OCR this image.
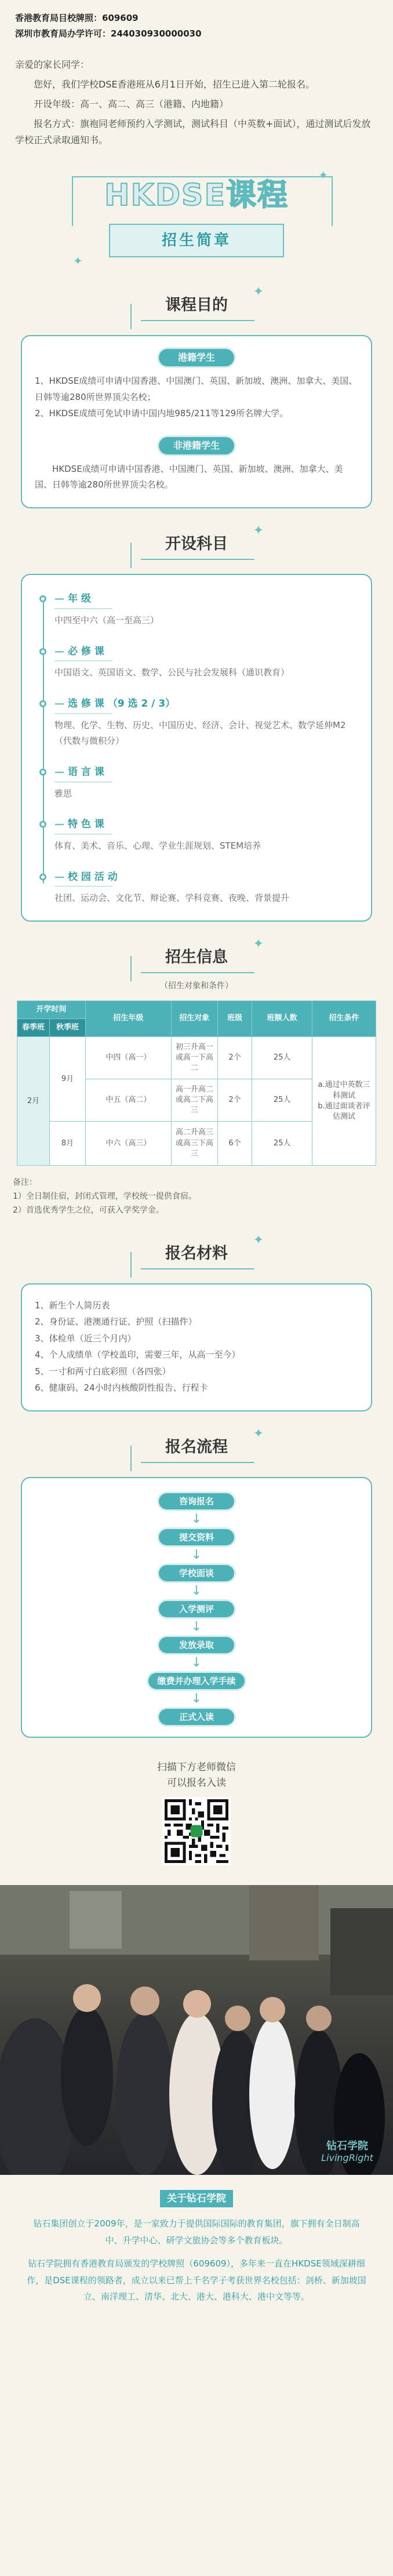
香港教育局目校牌照：609609

深圳市教育局办学许可：244030930000030

亲爱的家长同学：

您好，我们学校DSE香港班从6月1日开始，招生已进入第二轮报名。

开设年级：高一、高二、高三（港籍、内地籍）

报名方式：旗袍同老师预约入学测试，测试科目（中英数+面试），通过测试后发放学校正式录取通知书。

HKDSE课程
招生简章
✦
✦
课程目的
✦
港籍学生

1、HKDSE成绩可申请中国香港、中国澳门、英国、新加坡、澳洲、加拿大、美国、日韩等逾280所世界顶尖名校；
2、HKDSE成绩可免试申请中国内地985/211等129所名牌大学。

非港籍学生

HKDSE成绩可申请中国香港、中国澳门、英国、新加坡、澳洲、加拿大、美国、日韩等逾280所世界顶尖名校。

开设科目
✦
— 年 级
中四至中六（高一至高三）
— 必 修 课
中国语文、英国语文、数学、公民与社会发展科（通识教育）
— 选 修 课 （9 选 2 / 3）
物理、化学、生物、历史、中国历史、经济、会计、视觉艺术、数学延伸M2（代数与微积分）
— 语 言 课
雅思
— 特 色 课
体育、美术、音乐、心理、学业生涯规划、STEM培养
— 校 园 活 动
社团、运动会、文化节、辩论赛、学科竞赛、夜晚、背景提升
招生信息
✦
（招生对象和条件）
开学时间		招生年级	招生对象	班级	班额人数	招生条件
春季班	秋季班					
2月	9月	中四（高一）	初三升高一或高一下高二	2个	25人	a.通过中英数三科测试
b.通过面谈者评估测试
		中五（高二）	高一升高二或高二下高三	2个	25人	
	8月	中六（高三）	高二升高三或高三下高三	6个	25人	
备注：
1）全日制住宿，封闭式管理，学校统一提供食宿。
2）首选优秀学生之位，可获入学奖学金。
报名材料
✦

1、新生个人简历表

2、身份证、港澳通行证、护照（扫描件）

3、体检单（近三个月内）

4、个人成绩单（学校盖印，需要三年，从高一至今）

5、一寸和两寸白底彩照（各四张）

6、健康码、24小时内核酸阴性报告、行程卡

报名流程
✦
咨询报名
↓
提交资料
↓
学校面谈
↓
入学测评
↓
发放录取
↓
缴费并办理入学手续
↓
正式入读

扫描下方老师微信

可以报名入读

钻石学院
LivingRight
关于钻石学院

钻石集团创立于2009年，是一家致力于提供国际国际的教育集团，旗下拥有全日制高中、升学中心、研学文旅协会等多个教育板块。

钻石学院拥有香港教育局颁发的学校牌照（609609），多年来一直在HKDSE领域深耕细作，是DSE课程的领路者，成立以来已帮上千名学子考获世界名校包括：剑桥、新加坡国立、南洋理工、清华、北大、港大、港科大、港中文等等。
